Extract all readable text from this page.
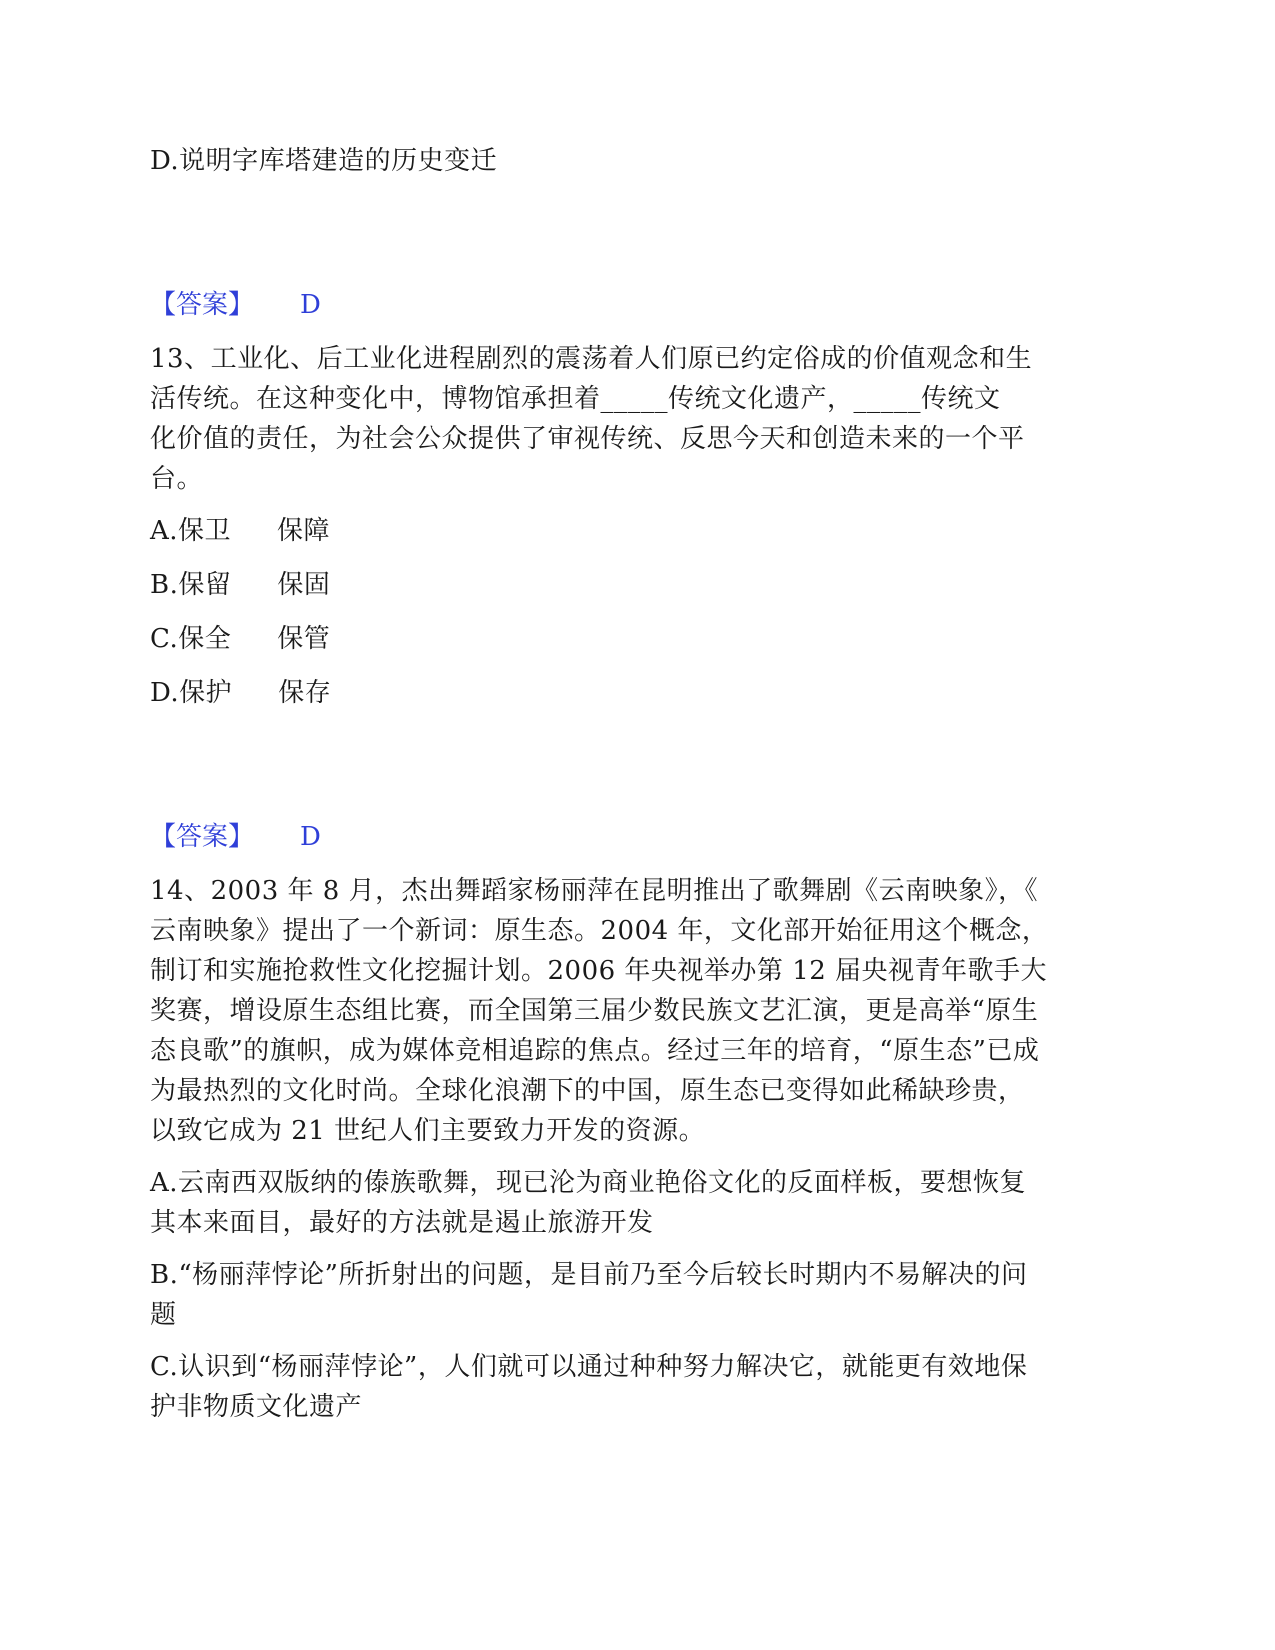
D.说明字库塔建造的历史变迁
【答案】 D
13、工业化、后工业化进程剧烈的震荡着人们原已约定俗成的价值观念和生
活传统。在这种变化中，博物馆承担着_____传统文化遗产，_____传统文
化价值的责任，为社会公众提供了审视传统、反思今天和创造未来的一个平
台。
A.保卫 保障
B.保留 保固
C.保全 保管
D.保护 保存
【答案】 D
14、2003 年 8 月，杰出舞蹈家杨丽萍在昆明推出了歌舞剧《云南映象》，《
云南映象》提出了一个新词：原生态。2004 年，文化部开始征用这个概念，
制订和实施抢救性文化挖掘计划。2006 年央视举办第 12 届央视青年歌手大
奖赛，增设原生态组比赛，而全国第三届少数民族文艺汇演，更是高举“原生
态良歌”的旗帜，成为媒体竞相追踪的焦点。经过三年的培育，“原生态”已成
为最热烈的文化时尚。全球化浪潮下的中国，原生态已变得如此稀缺珍贵，
以致它成为 21 世纪人们主要致力开发的资源。
A.云南西双版纳的傣族歌舞，现已沦为商业艳俗文化的反面样板，要想恢复
其本来面目，最好的方法就是遏止旅游开发
B.“杨丽萍悖论”所折射出的问题，是目前乃至今后较长时期内不易解决的问
题
C.认识到“杨丽萍悖论”，人们就可以通过种种努力解决它，就能更有效地保
护非物质文化遗产
